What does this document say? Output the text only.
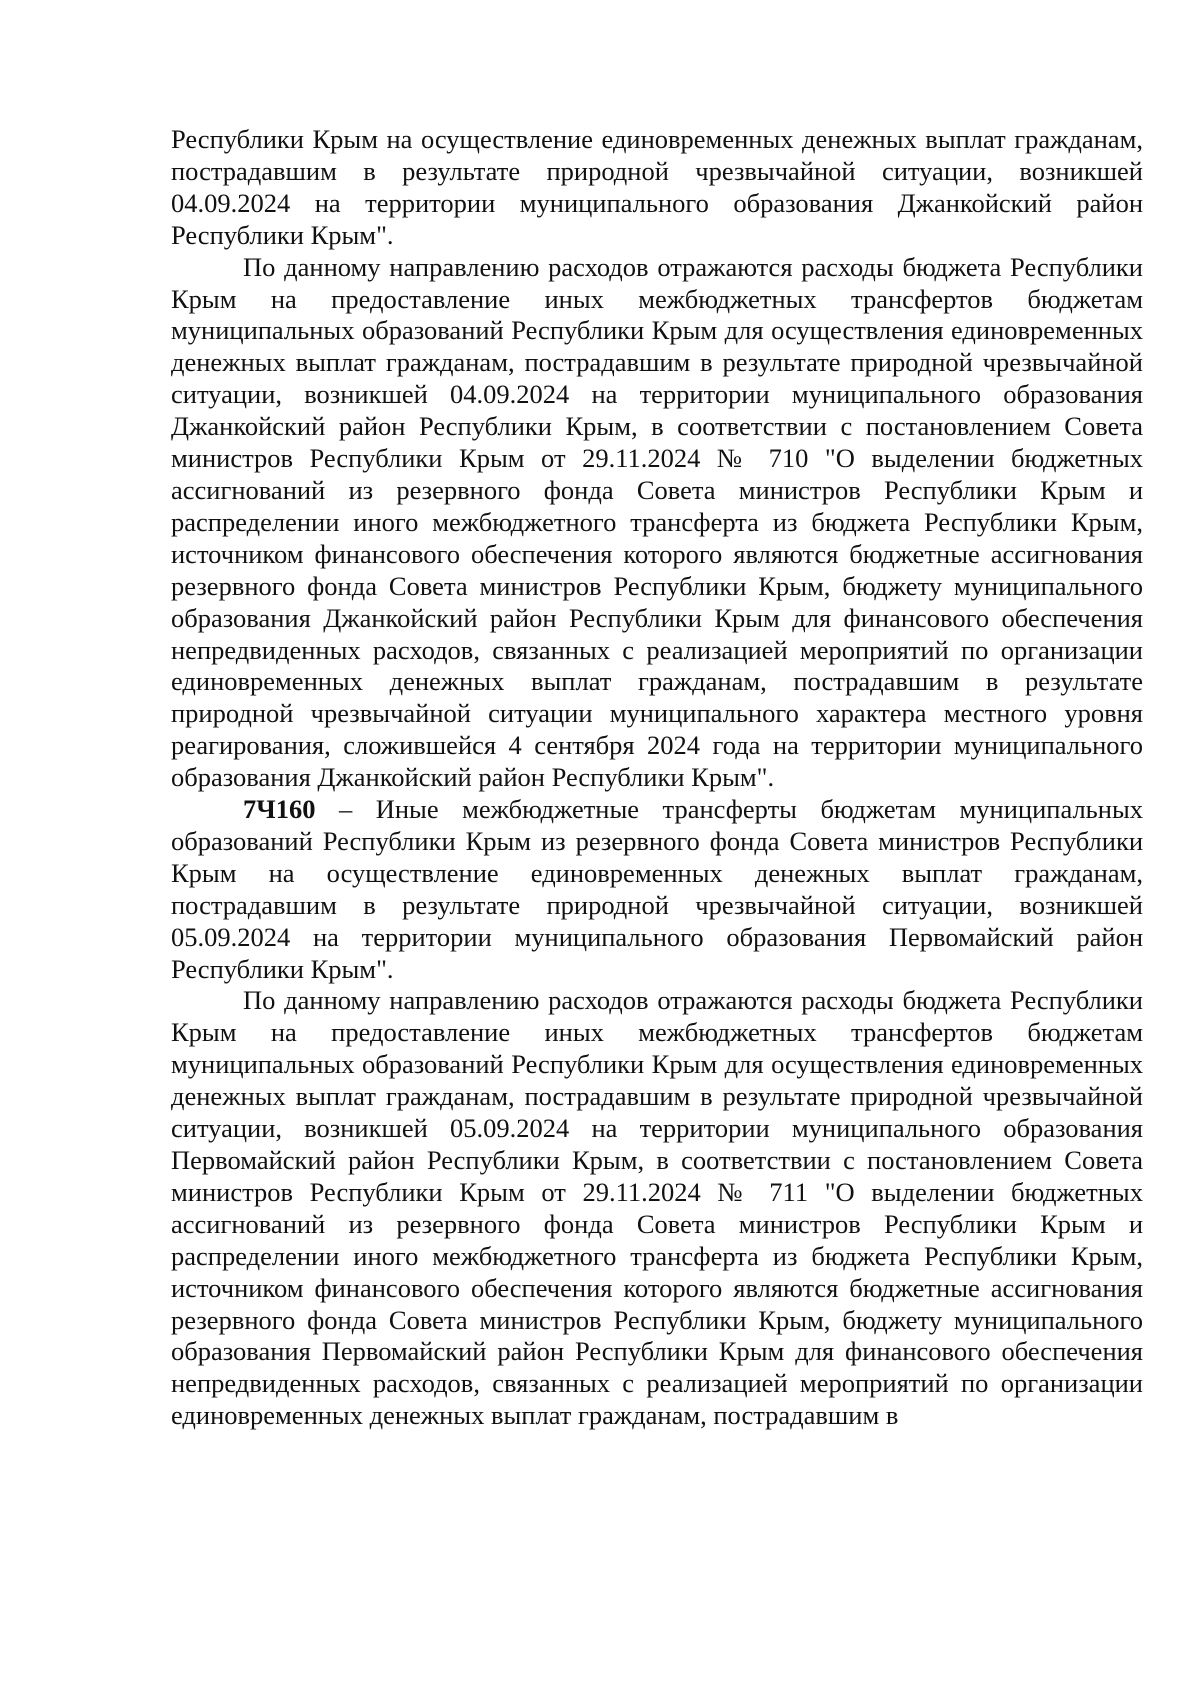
Республики Крым на осуществление единовременных денежных выплат гражданам, пострадавшим в результате природной чрезвычайной ситуации, возникшей 04.09.2024 на территории муниципального образования Джанкойский район Республики Крым".

По данному направлению расходов отражаются расходы бюджета Республики Крым на предоставление иных межбюджетных трансфертов бюджетам муниципальных образований Республики Крым для осуществления единовременных денежных выплат гражданам, пострадавшим в результате природной чрезвычайной ситуации, возникшей 04.09.2024 на территории муниципального образования Джанкойский район Республики Крым, в соответствии с постановлением Совета министров Республики Крым от 29.11.2024 № 710 "О выделении бюджетных ассигнований из резервного фонда Совета министров Республики Крым и распределении иного межбюджетного трансферта из бюджета Республики Крым, источником финансового обеспечения которого являются бюджетные ассигнования резервного фонда Совета министров Республики Крым, бюджету муниципального образования Джанкойский район Республики Крым для финансового обеспечения непредвиденных расходов, связанных с реализацией мероприятий по организации единовременных денежных выплат гражданам, пострадавшим в результате природной чрезвычайной ситуации муниципального характера местного уровня реагирования, сложившейся 4 сентября 2024 года на территории муниципального образования Джанкойский район Республики Крым".

7Ч160 – Иные межбюджетные трансферты бюджетам муниципальных образований Республики Крым из резервного фонда Совета министров Республики Крым на осуществление единовременных денежных выплат гражданам, пострадавшим в результате природной чрезвычайной ситуации, возникшей 05.09.2024 на территории муниципального образования Первомайский район Республики Крым".

По данному направлению расходов отражаются расходы бюджета Республики Крым на предоставление иных межбюджетных трансфертов бюджетам муниципальных образований Республики Крым для осуществления единовременных денежных выплат гражданам, пострадавшим в результате природной чрезвычайной ситуации, возникшей 05.09.2024 на территории муниципального образования Первомайский район Республики Крым, в соответствии с постановлением Совета министров Республики Крым от 29.11.2024 № 711 "О выделении бюджетных ассигнований из резервного фонда Совета министров Республики Крым и распределении иного межбюджетного трансферта из бюджета Республики Крым, источником финансового обеспечения которого являются бюджетные ассигнования резервного фонда Совета министров Республики Крым, бюджету муниципального образования Первомайский район Республики Крым для финансового обеспечения непредвиденных расходов, связанных с реализацией мероприятий по организации единовременных денежных выплат гражданам, пострадавшим в
